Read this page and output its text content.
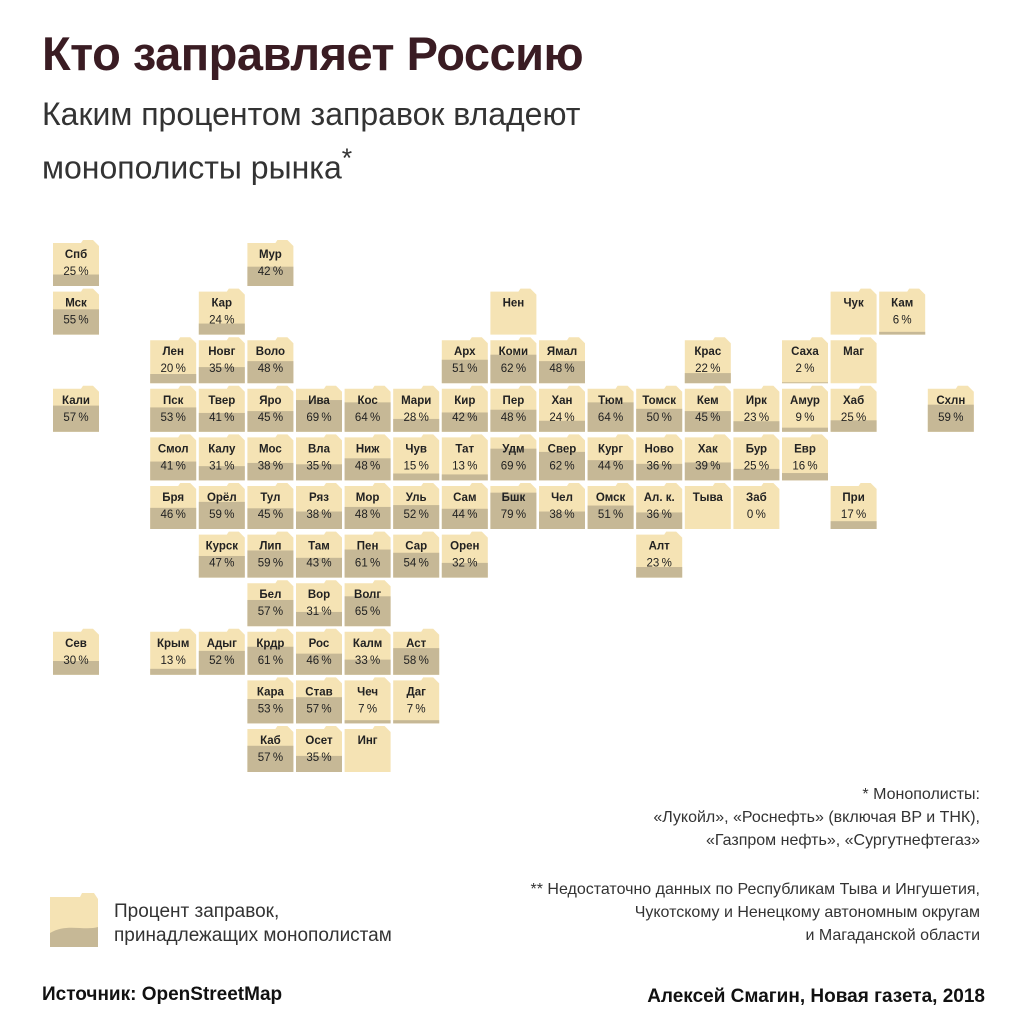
Кто заправляет Россию
Каким процентом заправок владеют монополисты рынка*
Спб
25 %
Мур
42 %
Мск
55 %
Кар
24 %
Нен	Чук Кам
6 %
Лен
20 %
Новг
35 %
Воло
48 %
Арх
51 %
Коми
62 %
Ямал
48 %
Крас
22 %
Саха
2 %
Маг
Кали
57 %
Пск
53 %
Твер
41 %
Яро
45 %
Ива
69 %
Кос
64 %
Мари
28 %
Кир
42 %
Пер
48 %
Хан
24 %
Тюм
64 %
Томск
50 %
Кем
45 %
Ирк
23 %
Амур
9 %
Хаб
25 %
Схлн
59 %
Смол
41 %
Калу
31 %
Мос
38 %
Вла
35 %
Ниж
48 %
Чув
15 %
Тат
13 %
Удм
69 %
Свер
62 %
Кург
44 %
Ново
36 %
Хак
39 %
Бур
25 %
Евр
16 %
Бря
46 %
Орёл
59 %
Тул
45 %
Ряз
38 %
Мор
48 %
Уль
52 %
Сам
44 %
Бшк
79 %
Чел
38 %
Омск
51 %
Ал. к.
36 %
Тыва Заб
0 %
При
17 %
Курск
47 %
Лип
59 %
Там
43 %
Пен
61 %
Сар
54 %
Орен
32 %
Алт
23 %
Бел
57 %
Вор
31 %
Волг
65 %
Сев
30 %
Крым
13 %
Адыг
52 %
Крдр
61 %
Рос
46 %
Калм
33 %
Аст
58 %
Кара
53 %
Став
57 %
Чеч
7 %
Даг
7 %
Каб
57 %
Осет
35 %
Инг
* Монополисты:
«Лукойл», «Роснефть» (включая BP и ТНК),
«Газпром нефть», «Сургутнефтегаз»
** Недостаточно данных по Республикам Тыва и Ингушетия,
Чукотскому и Ненецкому автономным округам
и Магаданской области
Процент заправок,
принадлежащих монополистам

Источник: OpenStreetMap	Алексей Смагин, Новая газета, 2018
